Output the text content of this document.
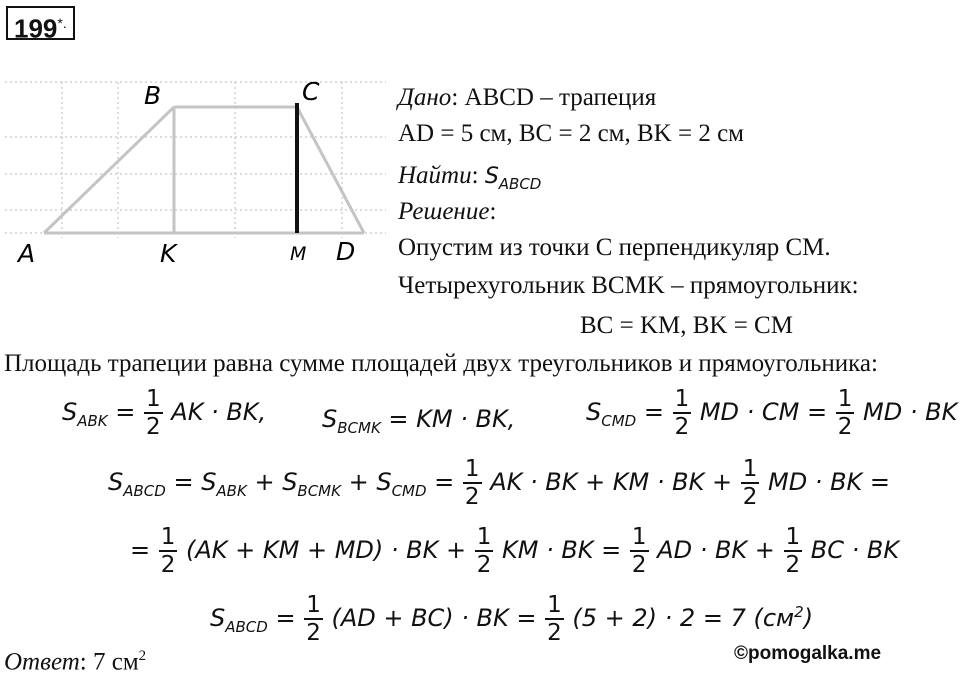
199*.
B	C
A	K	M D
Дано: ABCD – трапеция
AD = 5 см, BC = 2 см, BK = 2 см
Найти: $S_{ABCD}$
Решение:
Опустим из точки C перпендикуляр CM.
Четырехугольник BCMK – прямоугольник:
BC = KM, BK = CM
Площадь трапеции равна сумме площадей двух треугольников и прямоугольника:
$S_{ABK} = \frac{1}{2}$ AK · BK, $S_{BCMK}$ = KM · BK,	$S_{CMD} = \frac{1}{2}$ MD · CM = $\frac{1}{2}$ MD · BK
$S_{ABCD} = S_{ABK} + S_{BCMK} + S_{CMD} = \frac{1}{2}$ AK · BK + KM · BK + $\frac{1}{2}$ MD · BK =
= $\frac{1}{2} (AK$ + KM + MD) · BK + $\frac{1}{2}$ KM · BK = $\frac{1}{2}$ AD · BK + $\frac{1}{2}$ BC · BK
$S_{ABCD} = \frac{1}{2} (AD + BC)$ · BK = $\frac{1}{2} (5 + 2) \cdot 2 = 7$ $(см^2)$
Ответ: 7 $см^2$	©pomogalka.me
